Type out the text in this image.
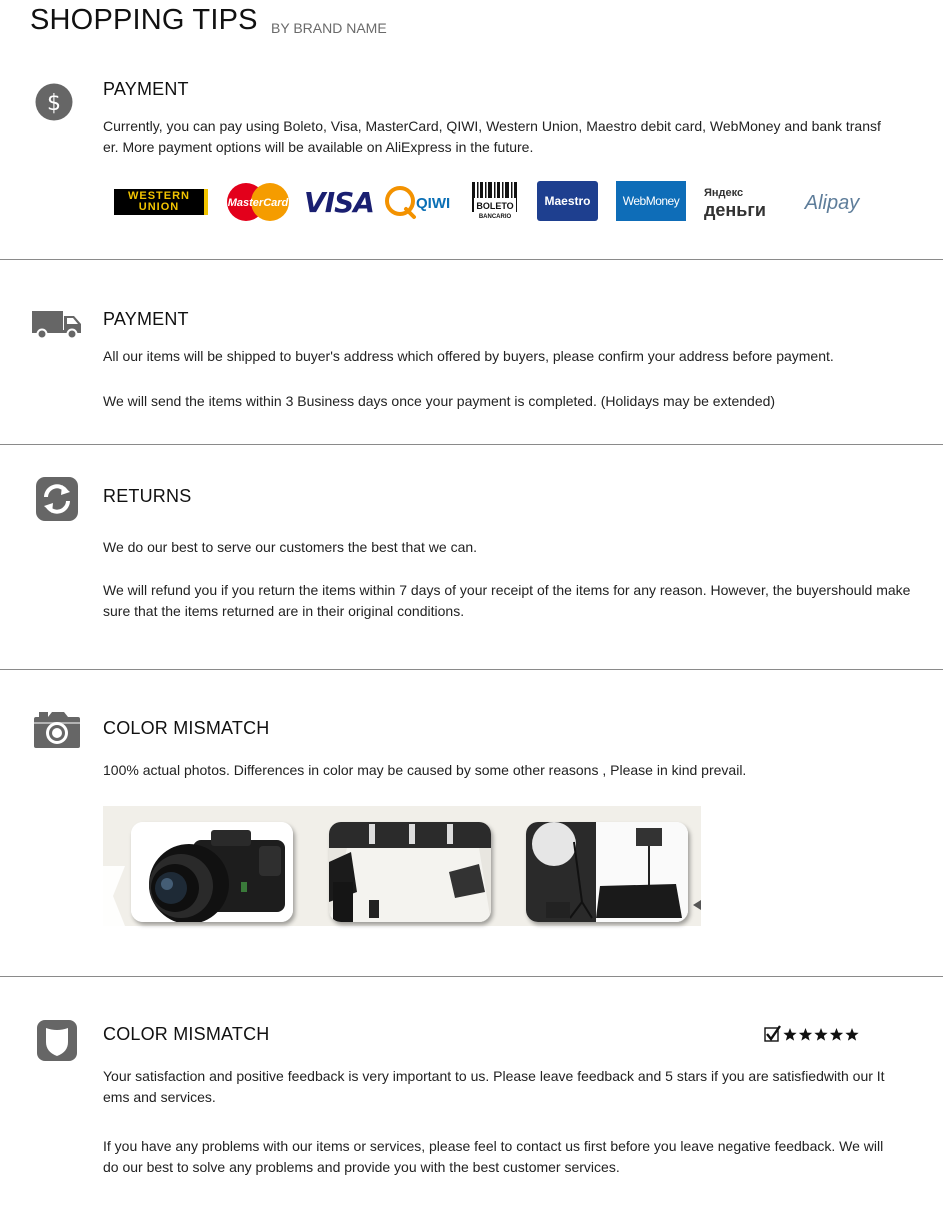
SHOPPING TIPS BY BRAND NAME
$
PAYMENT
Currently, you can pay using Boleto, Visa, MasterCard, QIWI, Western Union, Maestro debit card, WebMoney and bank transf er. More payment options will be available on AliExpress in the future.
WESTERN
UNION	MasterCard VISA	QIWI	BOLETO
BANCARIO
Maestro	WebMoney
Яндекс
деньги	Alipay
PAYMENT
All our items will be shipped to buyer's address which offered by buyers, please confirm your address before payment.
We will send the items within 3 Business days once your payment is completed. (Holidays may be extended)
RETURNS
We do our best to serve our customers the best that we can.
We will refund you if you return the items within 7 days of your receipt of the items for any reason. However, the buyershould make sure that the items returned are in their original conditions.
COLOR MISMATCH
100% actual photos. Differences in color may be caused by some other reasons , Please in kind prevail.
COLOR MISMATCH
Your satisfaction and positive feedback is very important to us. Please leave feedback and 5 stars if you are satisfiedwith our It ems and services.
If you have any problems with our items or services, please feel to contact us first before you leave negative feedback. We will do our best to solve any problems and provide you with the best customer services.
